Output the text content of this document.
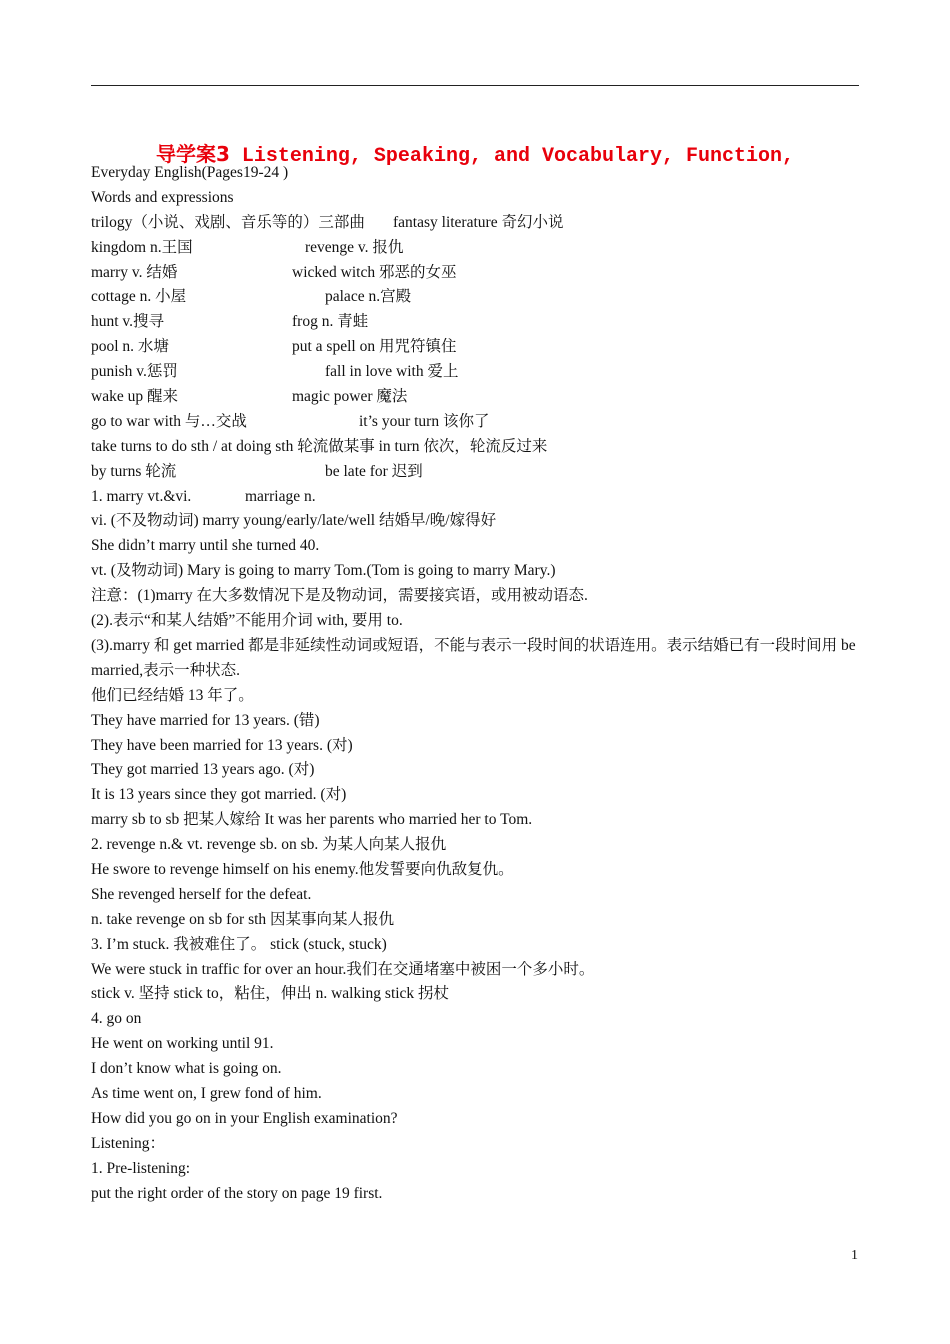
导学案3 Listening, Speaking, and Vocabulary, Function,
Everyday English(Pages19-24 )
Words and expressions
trilogy（小说、戏剧、音乐等的）三部曲 fantasy literature 奇幻小说
kingdom n.王国	revenge v. 报仇
marry v. 结婚	wicked witch 邪恶的女巫
cottage n. 小屋	palace n.宫殿
hunt v.搜寻	frog n. 青蛙
pool n. 水塘	put a spell on 用咒符镇住
punish v.惩罚	fall in love with 爱上
wake up 醒来	magic power 魔法
go to war with 与…交战	it’s your turn 该你了
take turns to do sth / at doing sth 轮流做某事 in turn 依次，轮流反过来
by turns 轮流	be late for 迟到
1. marry vt.&vi.	marriage n.
vi. (不及物动词) marry young/early/late/well 结婚早/晚/嫁得好
She didn’t marry until she turned 40.
vt. (及物动词) Mary is going to marry Tom.(Tom is going to marry Mary.)
注意：(1)marry 在大多数情况下是及物动词，需要接宾语，或用被动语态.
(2).表示“和某人结婚”不能用介词 with, 要用 to.
(3).marry 和 get married 都是非延续性动词或短语，不能与表示一段时间的状语连用。表示结婚已有一段时间用 be married,表示一种状态.
他们已经结婚 13 年了。
They have married for 13 years. (错)
They have been married for 13 years. (对)
They got married 13 years ago. (对)
It is 13 years since they got married. (对)
marry sb to sb 把某人嫁给 It was her parents who married her to Tom.
2. revenge n.& vt. revenge sb. on sb. 为某人向某人报仇
He swore to revenge himself on his enemy.他发誓要向仇敌复仇。
She revenged herself for the defeat.
n. take revenge on sb for sth 因某事向某人报仇
3. I’m stuck. 我被难住了。 stick (stuck, stuck)
We were stuck in traffic for over an hour.我们在交通堵塞中被困一个多小时。
stick v. 坚持 stick to，粘住，伸出 n. walking stick 拐杖
4. go on
He went on working until 91.
I don’t know what is going on.
As time went on, I grew fond of him.
How did you go on in your English examination?
Listening：
1. Pre-listening:
put the right order of the story on page 19 first.
1
